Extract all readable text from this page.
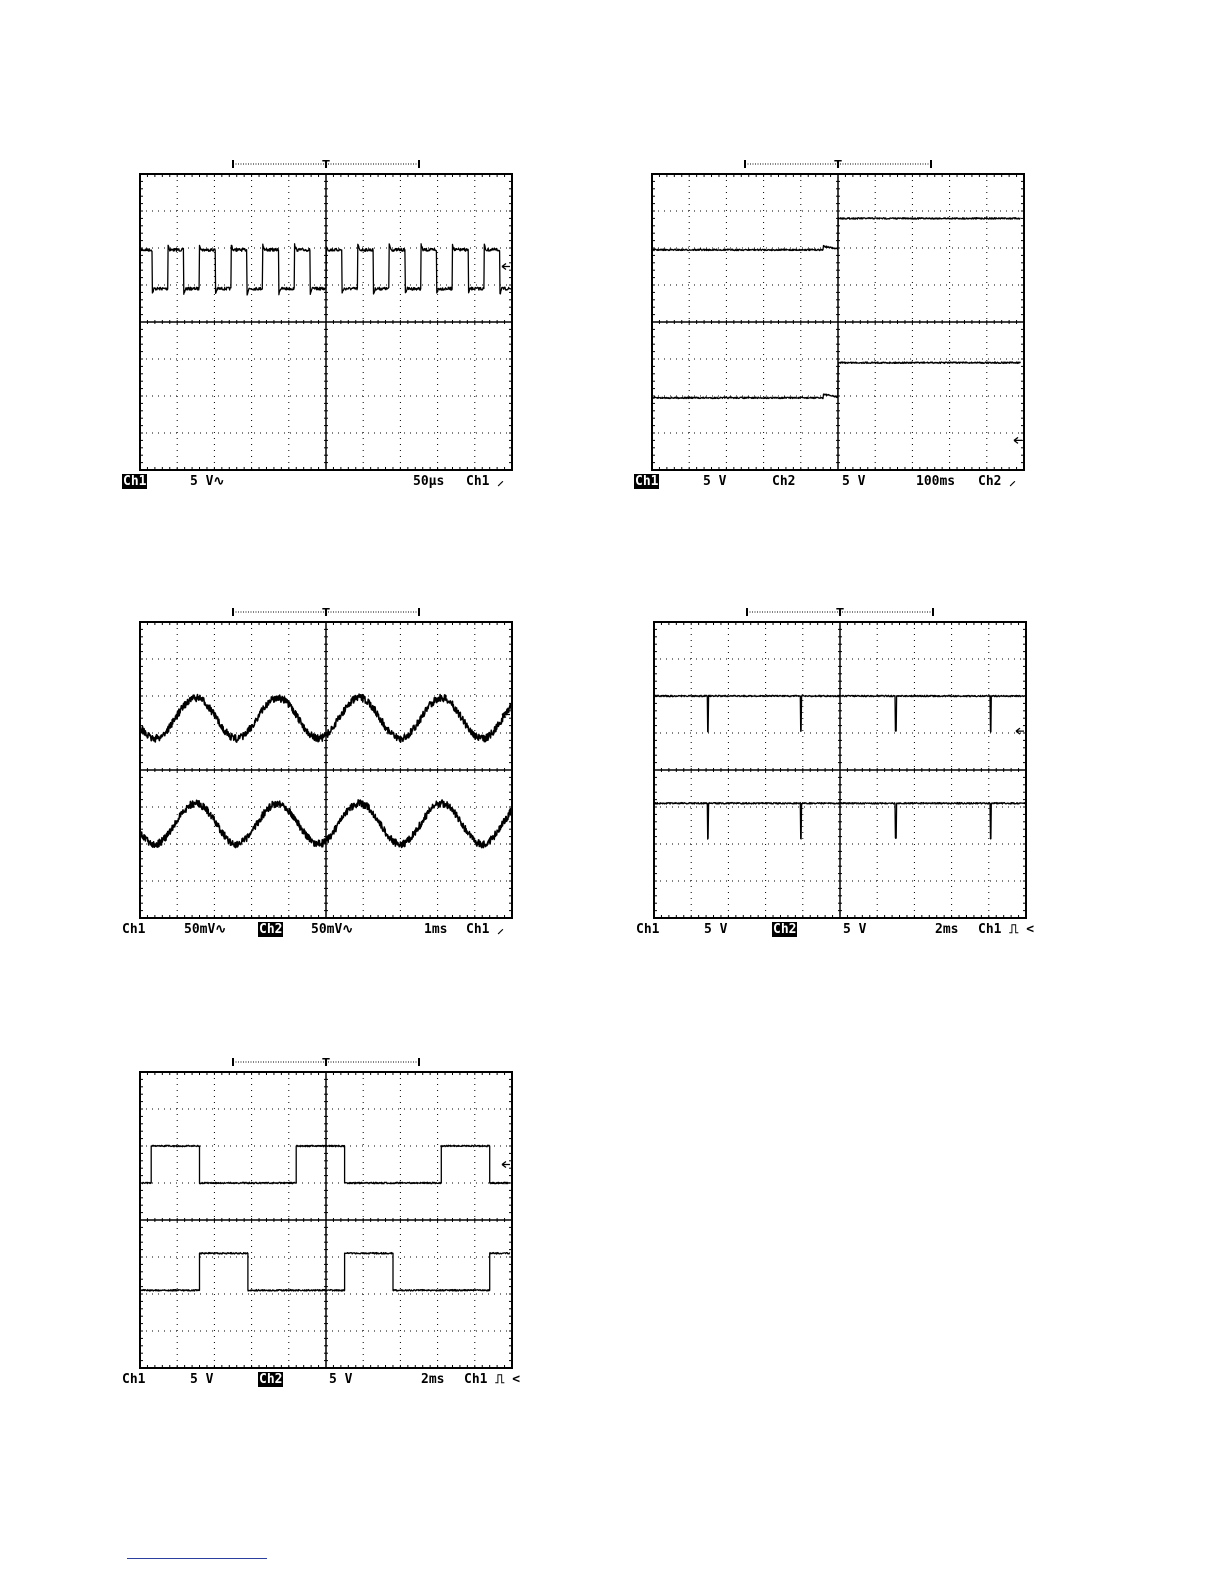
T
Ch1	5 V∿	50µs Ch1 ⸝
T
Ch1	5 V	Ch2	5 V	100ms Ch2 ⸝
T
Ch1	50mV∿	Ch2 50mV∿	1ms Ch1 ⸝
T
Ch1	5 V	Ch2	5 V	2ms Ch1 ⎍ <
T
Ch1	5 V	Ch2	5 V	2ms Ch1 ⎍ <
